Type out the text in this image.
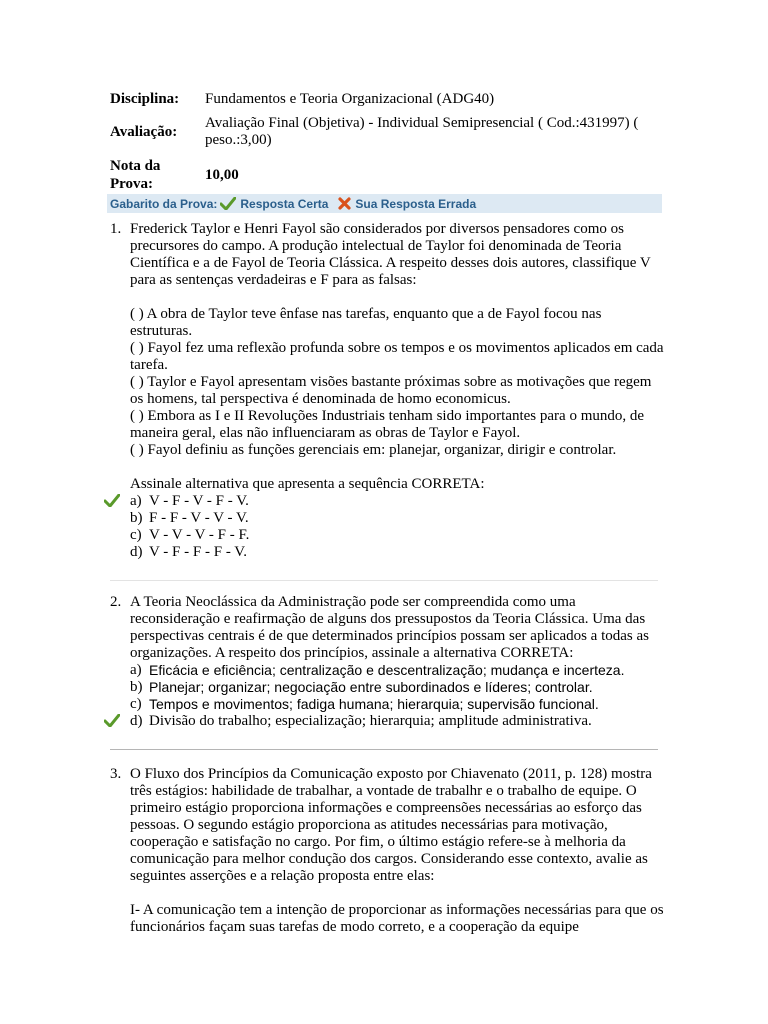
Disciplina:	Fundamentos e Teoria Organizacional (ADG40)
Avaliação:
Avaliação Final (Objetiva) - Individual Semipresencial ( Cod.:431997) ( peso.:3,00)
Nota da Prova:
10,00
Gabarito da Prova: Resposta Certa Sua Resposta Errada
1. Frederick Taylor e Henri Fayol são considerados por diversos pensadores como os precursores do campo. A produção intelectual de Taylor foi denominada de Teoria Científica e a de Fayol de Teoria Clássica. A respeito desses dois autores, classifique V para as sentenças verdadeiras e F para as falsas:

( ) A obra de Taylor teve ênfase nas tarefas, enquanto que a de Fayol focou nas estruturas.

( ) Fayol fez uma reflexão profunda sobre os tempos e os movimentos aplicados em cada tarefa.

( ) Taylor e Fayol apresentam visões bastante próximas sobre as motivações que regem os homens, tal perspectiva é denominada de homo economicus.

( ) Embora as I e II Revoluções Industriais tenham sido importantes para o mundo, de maneira geral, elas não influenciaram as obras de Taylor e Fayol.

( ) Fayol definiu as funções gerenciais em: planejar, organizar, dirigir e controlar.

Assinale alternativa que apresenta a sequência CORRETA:

a) V - F - V - F - V.
b) F - F - V - V - V.
c) V - V - V - F - F.
d) V - F - F - F - V.
2. A Teoria Neoclássica da Administração pode ser compreendida como uma reconsideração e reafirmação de alguns dos pressupostos da Teoria Clássica. Uma das perspectivas centrais é de que determinados princípios possam ser aplicados a todas as organizações. A respeito dos princípios, assinale a alternativa CORRETA:

a) Eficácia e eficiência; centralização e descentralização; mudança e incerteza.
b) Planejar; organizar; negociação entre subordinados e líderes; controlar.
c) Tempos e movimentos; fadiga humana; hierarquia; supervisão funcional.
d) Divisão do trabalho; especialização; hierarquia; amplitude administrativa.
3. O Fluxo dos Princípios da Comunicação exposto por Chiavenato (2011, p. 128) mostra três estágios: habilidade de trabalhar, a vontade de trabalhr e o trabalho de equipe. O primeiro estágio proporciona informações e compreensões necessárias ao esforço das pessoas. O segundo estágio proporciona as atitudes necessárias para motivação, cooperação e satisfação no cargo. Por fim, o último estágio refere-se à melhoria da comunicação para melhor condução dos cargos. Considerando esse contexto, avalie as seguintes asserções e a relação proposta entre elas:

I- A comunicação tem a intenção de proporcionar as informações necessárias para que os funcionários façam suas tarefas de modo correto, e a cooperação da equipe
